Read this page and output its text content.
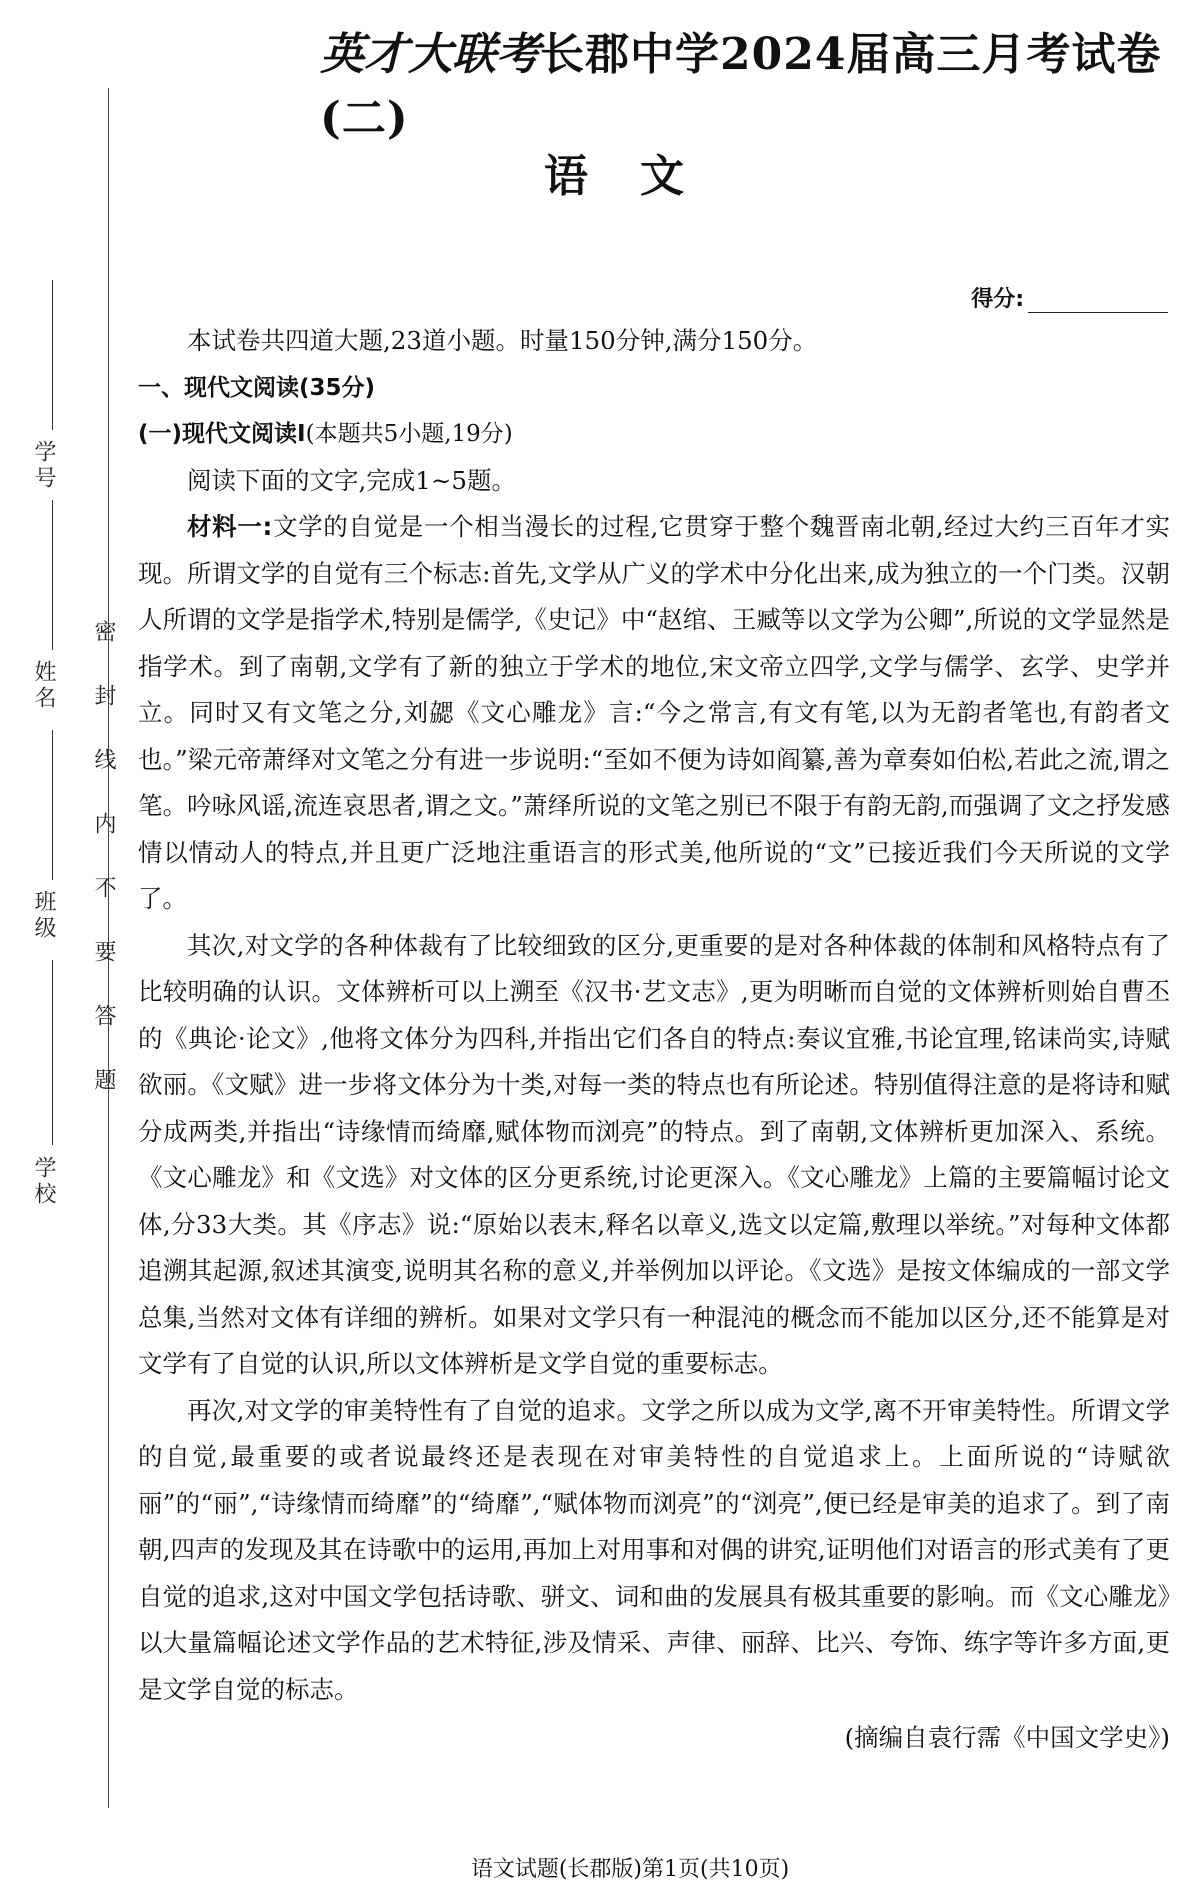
学号
姓名
班级
学校
密封线内不要答题
英才大联考长郡中学2024届高三月考试卷(二)
语文
得分:

本试卷共四道大题,23道小题。时量150分钟,满分150分。

一、现代文阅读(35分)

(一)现代文阅读Ⅰ(本题共5小题,19分)

阅读下面的文字,完成1~5题。

材料一:文学的自觉是一个相当漫长的过程,它贯穿于整个魏晋南北朝,经过大约三百年才实现。所谓文学的自觉有三个标志:首先,文学从广义的学术中分化出来,成为独立的一个门类。汉朝人所谓的文学是指学术,特别是儒学,《史记》中“赵绾、王臧等以文学为公卿”,所说的文学显然是指学术。到了南朝,文学有了新的独立于学术的地位,宋文帝立四学,文学与儒学、玄学、史学并立。同时又有文笔之分,刘勰《文心雕龙》言:“今之常言,有文有笔,以为无韵者笔也,有韵者文也。”梁元帝萧绎对文笔之分有进一步说明:“至如不便为诗如阎纂,善为章奏如伯松,若此之流,谓之笔。吟咏风谣,流连哀思者,谓之文。”萧绎所说的文笔之别已不限于有韵无韵,而强调了文之抒发感情以情动人的特点,并且更广泛地注重语言的形式美,他所说的“文”已接近我们今天所说的文学了。

其次,对文学的各种体裁有了比较细致的区分,更重要的是对各种体裁的体制和风格特点有了比较明确的认识。文体辨析可以上溯至《汉书·艺文志》,更为明晰而自觉的文体辨析则始自曹丕的《典论·论文》,他将文体分为四科,并指出它们各自的特点:奏议宜雅,书论宜理,铭诔尚实,诗赋欲丽。《文赋》进一步将文体分为十类,对每一类的特点也有所论述。特别值得注意的是将诗和赋分成两类,并指出“诗缘情而绮靡,赋体物而浏亮”的特点。到了南朝,文体辨析更加深入、系统。《文心雕龙》和《文选》对文体的区分更系统,讨论更深入。《文心雕龙》上篇的主要篇幅讨论文体,分33大类。其《序志》说:“原始以表末,释名以章义,选文以定篇,敷理以举统。”对每种文体都追溯其起源,叙述其演变,说明其名称的意义,并举例加以评论。《文选》是按文体编成的一部文学总集,当然对文体有详细的辨析。如果对文学只有一种混沌的概念而不能加以区分,还不能算是对文学有了自觉的认识,所以文体辨析是文学自觉的重要标志。

再次,对文学的审美特性有了自觉的追求。文学之所以成为文学,离不开审美特性。所谓文学的自觉,最重要的或者说最终还是表现在对审美特性的自觉追求上。上面所说的“诗赋欲丽”的“丽”,“诗缘情而绮靡”的“绮靡”,“赋体物而浏亮”的“浏亮”,便已经是审美的追求了。到了南朝,四声的发现及其在诗歌中的运用,再加上对用事和对偶的讲究,证明他们对语言的形式美有了更自觉的追求,这对中国文学包括诗歌、骈文、词和曲的发展具有极其重要的影响。而《文心雕龙》以大量篇幅论述文学作品的艺术特征,涉及情采、声律、丽辞、比兴、夸饰、练字等许多方面,更是文学自觉的标志。

(摘编自袁行霈《中国文学史》)

语文试题(长郡版)第1页(共10页)
